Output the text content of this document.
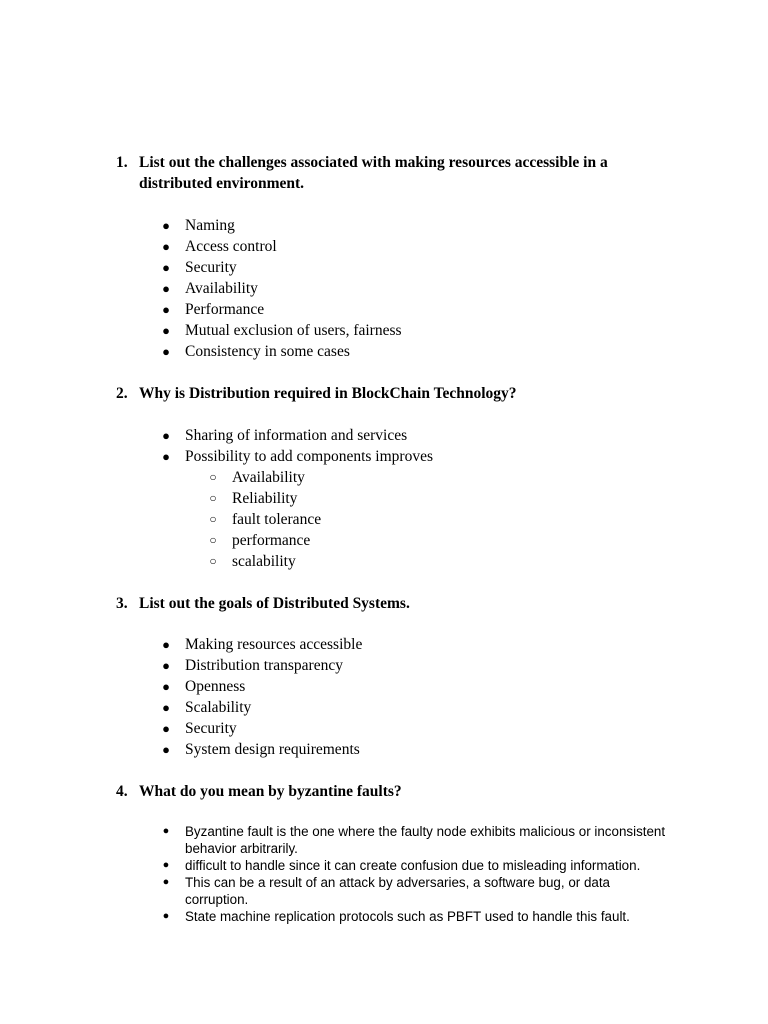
1. List out the challenges associated with making resources accessible in a distributed environment.
● Naming
● Access control
● Security
● Availability
● Performance
● Mutual exclusion of users, fairness
● Consistency in some cases
2. Why is Distribution required in BlockChain Technology?
● Sharing of information and services
● Possibility to add components improves
○ Availability
○ Reliability
○ fault tolerance
○ performance
○ scalability
3. List out the goals of Distributed Systems.
● Making resources accessible
● Distribution transparency
● Openness
● Scalability
● Security
● System design requirements
4. What do you mean by byzantine faults?
● Byzantine fault is the one where the faulty node exhibits malicious or inconsistent behavior arbitrarily.
● difficult to handle since it can create confusion due to misleading information.
● This can be a result of an attack by adversaries, a software bug, or data corruption.
● State machine replication protocols such as PBFT used to handle this fault.
